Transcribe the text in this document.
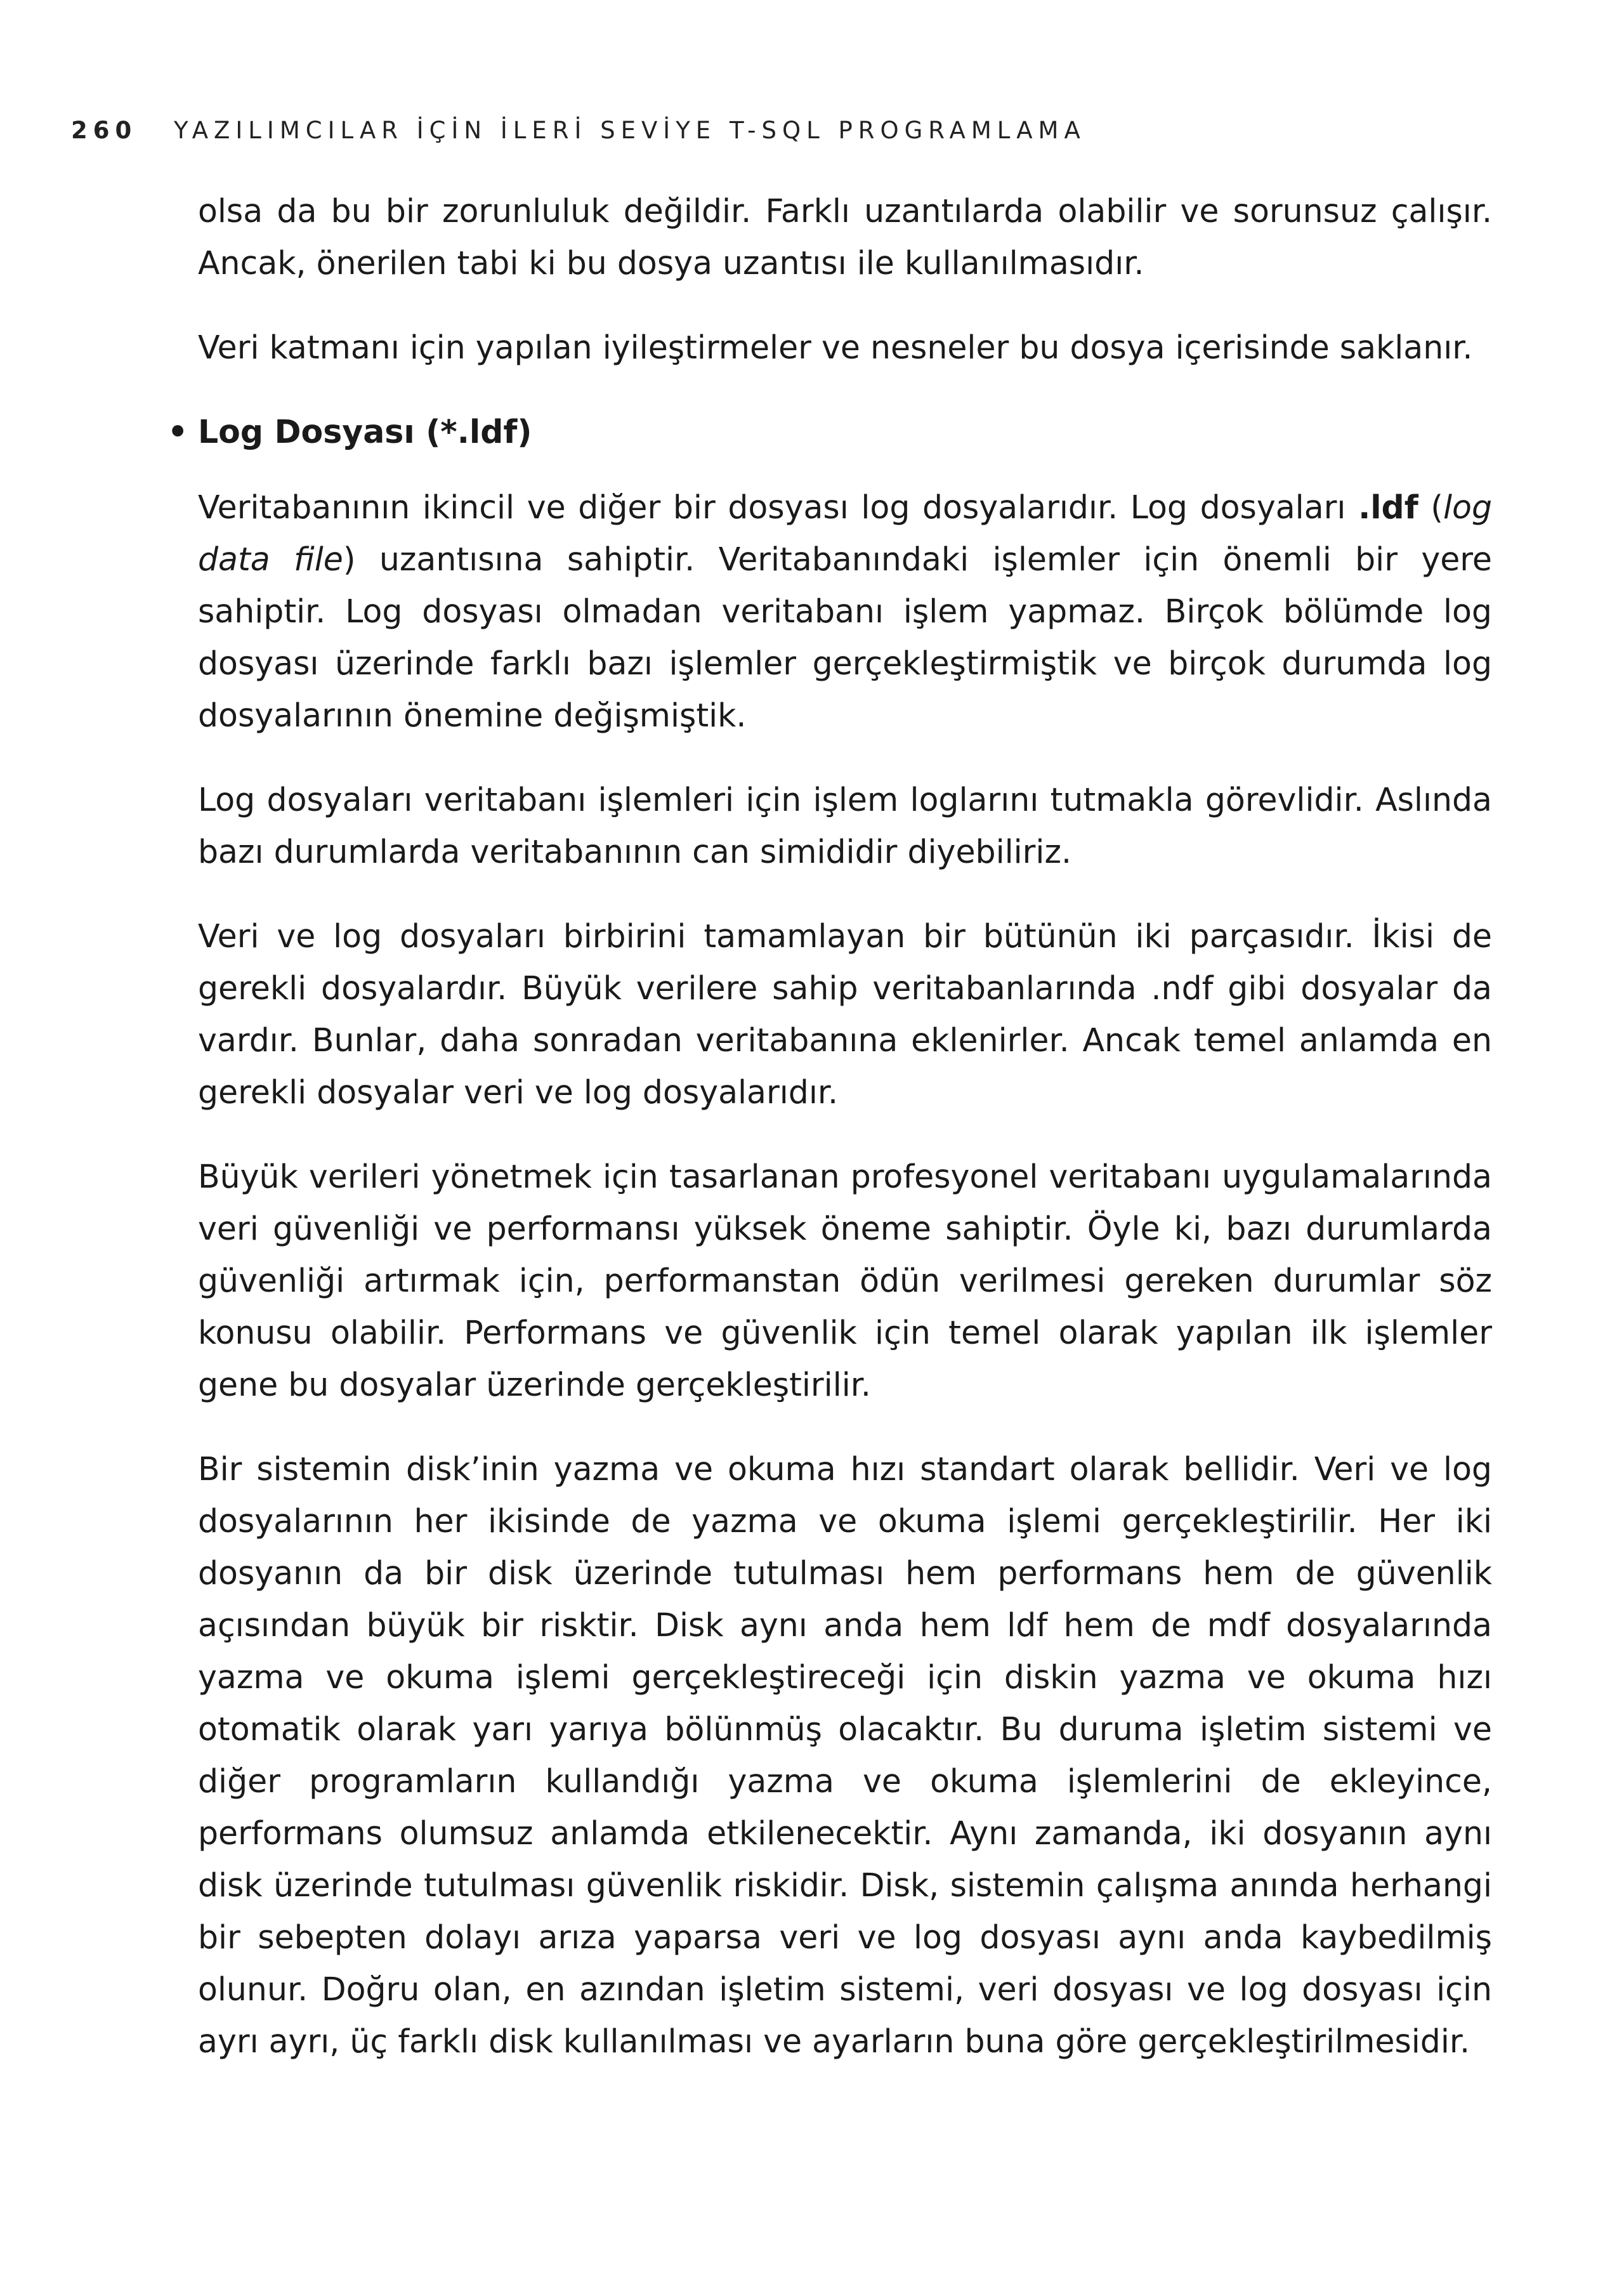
260 YAZILIMCILAR İÇİN İLERİ SEVİYE T-SQL PROGRAMLAMA

olsa da bu bir zorunluluk değildir. Farklı uzantılarda olabilir ve sorunsuz çalışır. Ancak, önerilen tabi ki bu dosya uzantısı ile kullanılmasıdır.

Veri katmanı için yapılan iyileştirmeler ve nesneler bu dosya içerisinde saklanır.

• Log Dosyası (*.ldf)

Veritabanının ikincil ve diğer bir dosyası log dosyalarıdır. Log dosyaları .ldf (log data file) uzantısına sahiptir. Veritabanındaki işlemler için önemli bir yere sahiptir. Log dosyası olmadan veritabanı işlem yapmaz. Birçok bölümde log dosyası üzerinde farklı bazı işlemler gerçekleştirmiştik ve birçok durumda log dosyalarının önemine değişmiştik.

Log dosyaları veritabanı işlemleri için işlem loglarını tutmakla görevlidir. Aslında bazı durumlarda veritabanının can simididir diyebiliriz.

Veri ve log dosyaları birbirini tamamlayan bir bütünün iki parçasıdır. İkisi de gerekli dosyalardır. Büyük verilere sahip veritabanlarında .ndf gibi dosyalar da vardır. Bunlar, daha sonradan veritabanına eklenirler. Ancak temel anlamda en gerekli dosyalar veri ve log dosyalarıdır.

Büyük verileri yönetmek için tasarlanan profesyonel veritabanı uygulamalarında veri güvenliği ve performansı yüksek öneme sahiptir. Öyle ki, bazı durumlarda güvenliği artırmak için, performanstan ödün verilmesi gereken durumlar söz konusu olabilir. Performans ve güvenlik için temel olarak yapılan ilk işlemler gene bu dosyalar üzerinde gerçekleştirilir.

Bir sistemin disk’inin yazma ve okuma hızı standart olarak bellidir. Veri ve log dosyalarının her ikisinde de yazma ve okuma işlemi gerçekleştirilir. Her iki dosyanın da bir disk üzerinde tutulması hem performans hem de güvenlik açısından büyük bir risktir. Disk aynı anda hem ldf hem de mdf dosyalarında yazma ve okuma işlemi gerçekleştireceği için diskin yazma ve okuma hızı otomatik olarak yarı yarıya bölünmüş olacaktır. Bu duruma işletim sistemi ve diğer programların kullandığı yazma ve okuma işlemlerini de ekleyince, performans olumsuz anlamda etkilenecektir. Aynı zamanda, iki dosyanın aynı disk üzerinde tutulması güvenlik riskidir. Disk, sistemin çalışma anında herhangi bir sebepten dolayı arıza yaparsa veri ve log dosyası aynı anda kaybedilmiş olunur. Doğru olan, en azından işletim sistemi, veri dosyası ve log dosyası için ayrı ayrı, üç farklı disk kullanılması ve ayarların buna göre gerçekleştirilmesidir.
